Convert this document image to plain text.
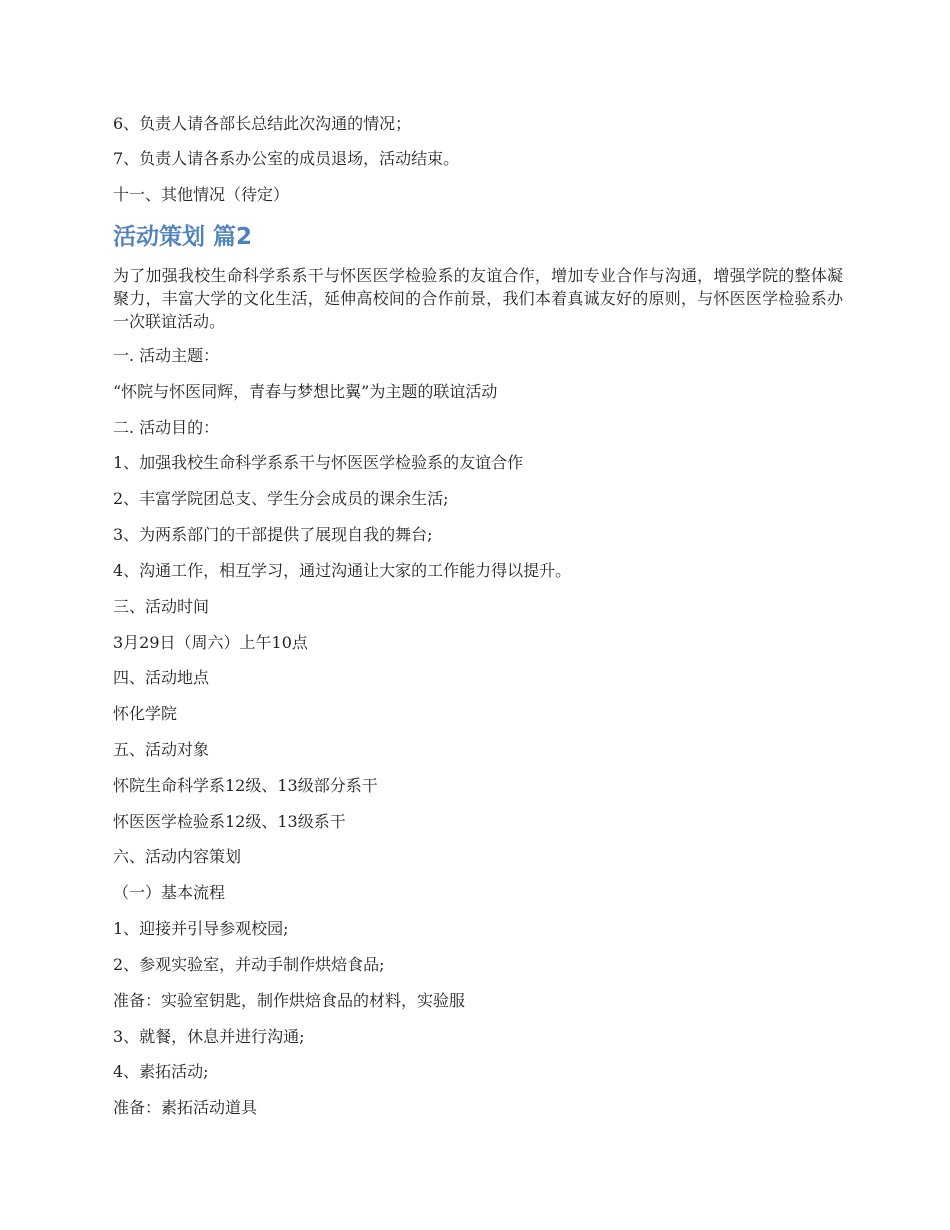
6、负责人请各部长总结此次沟通的情况；
7、负责人请各系办公室的成员退场，活动结束。
十一、其他情况（待定）
活动策划 篇2
为了加强我校生命科学系系干与怀医医学检验系的友谊合作，增加专业合作与沟通，增强学院的整体凝聚力，丰富大学的文化生活，延伸高校间的合作前景，我们本着真诚友好的原则，与怀医医学检验系办一次联谊活动。
一. 活动主题：
“怀院与怀医同辉，青春与梦想比翼”为主题的联谊活动
二. 活动目的：
1、加强我校生命科学系系干与怀医医学检验系的友谊合作
2、丰富学院团总支、学生分会成员的课余生活;
3、为两系部门的干部提供了展现自我的舞台;
4、沟通工作，相互学习，通过沟通让大家的工作能力得以提升。
三、活动时间
3月29日（周六）上午10点
四、活动地点
怀化学院
五、活动对象
怀院生命科学系12级、13级部分系干
怀医医学检验系12级、13级系干
六、活动内容策划
（一）基本流程
1、迎接并引导参观校园;
2、参观实验室，并动手制作烘焙食品;
准备：实验室钥匙，制作烘焙食品的材料，实验服
3、就餐，休息并进行沟通;
4、素拓活动;
准备：素拓活动道具
